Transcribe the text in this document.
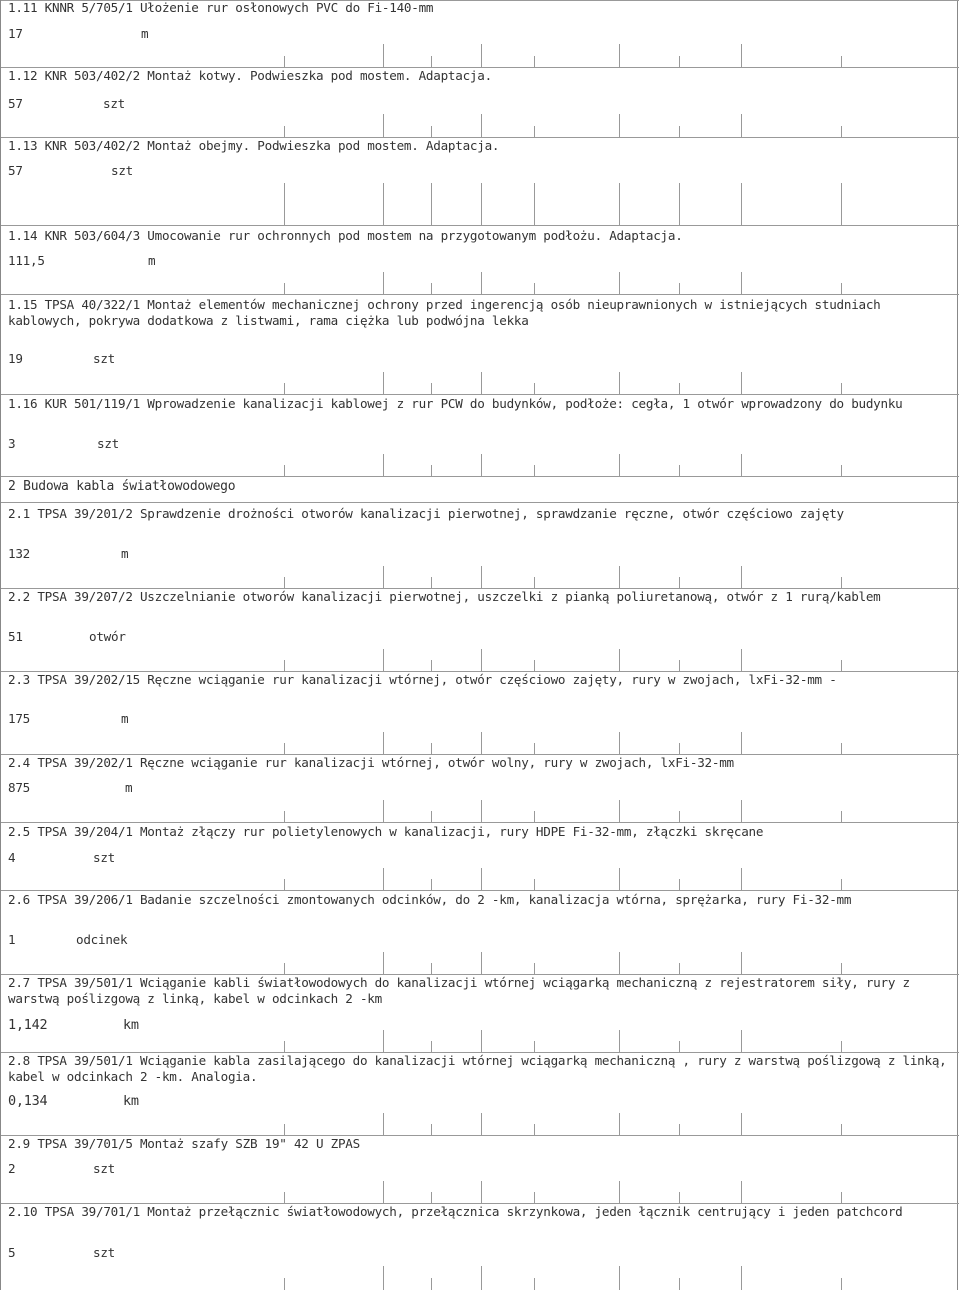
1.11 KNNR 5/705/1 Ułożenie rur osłonowych PVC do Fi-140-mm
17	m
1.12 KNR 503/402/2 Montaż kotwy. Podwieszka pod mostem. Adaptacja.
57	szt
1.13 KNR 503/402/2 Montaż obejmy. Podwieszka pod mostem. Adaptacja.
57	szt
1.14 KNR 503/604/3 Umocowanie rur ochronnych pod mostem na przygotowanym podłożu. Adaptacja.
111,5	m
1.15 TPSA 40/322/1 Montaż elementów mechanicznej ochrony przed ingerencją osób nieuprawnionych w istniejących studniach kablowych, pokrywa dodatkowa z listwami, rama ciężka lub podwójna lekka
19	szt
1.16 KUR 501/119/1 Wprowadzenie kanalizacji kablowej z rur PCW do budynków, podłoże: cegła, 1 otwór wprowadzony do budynku
3	szt
2 Budowa kabla światłowodowego
2.1 TPSA 39/201/2 Sprawdzenie drożności otworów kanalizacji pierwotnej, sprawdzanie ręczne, otwór częściowo zajęty
132	m
2.2 TPSA 39/207/2 Uszczelnianie otworów kanalizacji pierwotnej, uszczelki z pianką poliuretanową, otwór z 1 rurą/kablem
51	otwór
2.3 TPSA 39/202/15 Ręczne wciąganie rur kanalizacji wtórnej, otwór częściowo zajęty, rury w zwojach, lxFi-32-mm -
175	m
2.4 TPSA 39/202/1 Ręczne wciąganie rur kanalizacji wtórnej, otwór wolny, rury w zwojach, lxFi-32-mm
875	m
2.5 TPSA 39/204/1 Montaż złączy rur polietylenowych w kanalizacji, rury HDPE Fi-32-mm, złączki skręcane
4	szt
2.6 TPSA 39/206/1 Badanie szczelności zmontowanych odcinków, do 2 -km, kanalizacja wtórna, sprężarka, rury Fi-32-mm
1	odcinek
2.7 TPSA 39/501/1 Wciąganie kabli światłowodowych do kanalizacji wtórnej wciągarką mechaniczną z rejestratorem siły, rury z warstwą poślizgową z linką, kabel w odcinkach 2 -km
1,142	km
2.8 TPSA 39/501/1 Wciąganie kabla zasilającego do kanalizacji wtórnej wciągarką mechaniczną , rury z warstwą poślizgową z linką, kabel w odcinkach 2 -km. Analogia.
0,134	km
2.9 TPSA 39/701/5 Montaż szafy SZB 19" 42 U ZPAS
2	szt
2.10 TPSA 39/701/1 Montaż przełącznic światłowodowych, przełącznica skrzynkowa, jeden łącznik centrujący i jeden patchcord
5	szt
